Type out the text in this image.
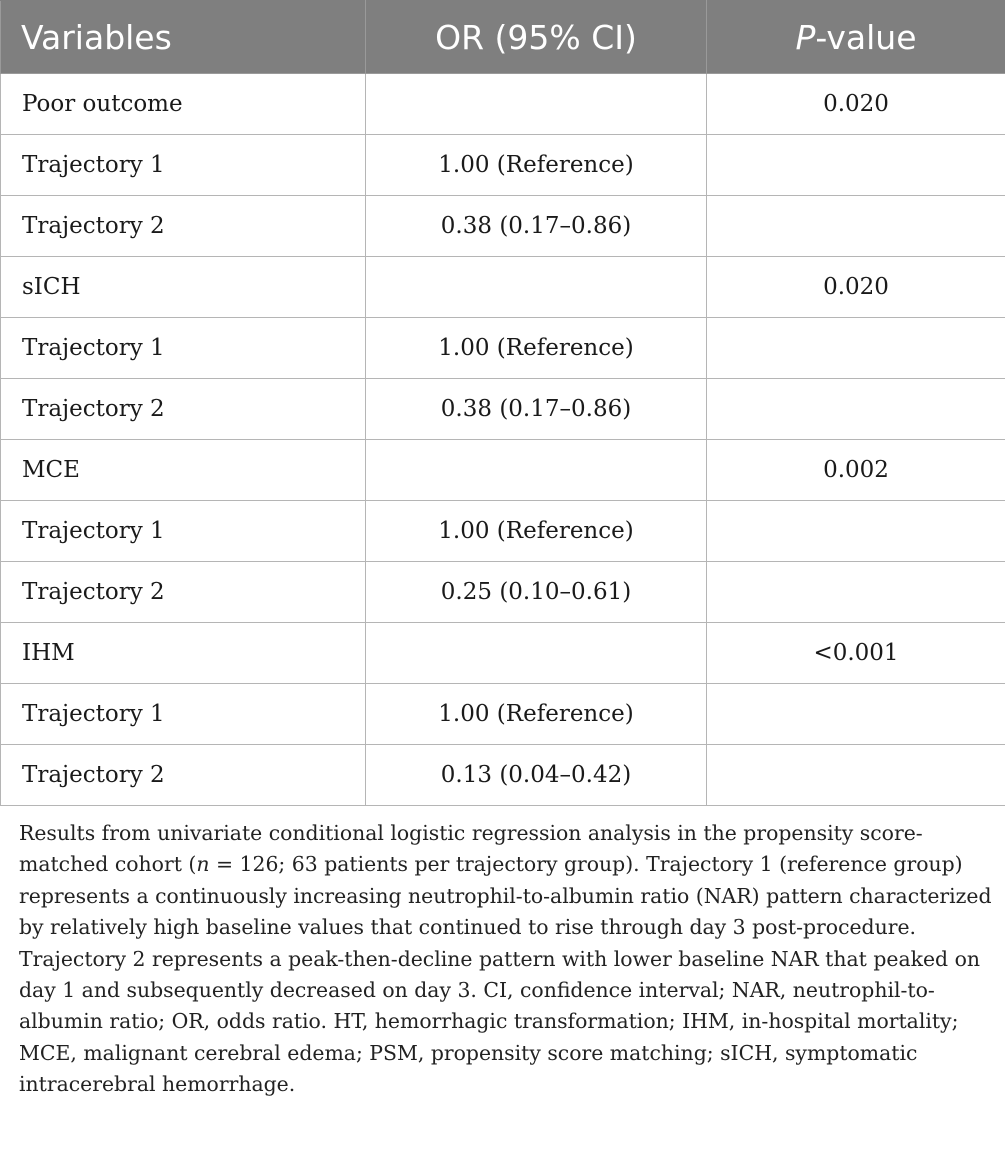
Variables	OR (95% CI)	P-value
Poor outcome		0.020
Trajectory 1	1.00 (Reference)	
Trajectory 2	0.38 (0.17–0.86)	
sICH		0.020
Trajectory 1	1.00 (Reference)	
Trajectory 2	0.38 (0.17–0.86)	
MCE		0.002
Trajectory 1	1.00 (Reference)	
Trajectory 2	0.25 (0.10–0.61)	
IHM		<0.001
Trajectory 1	1.00 (Reference)	
Trajectory 2	0.13 (0.04–0.42)	

Results from univariate conditional logistic regression analysis in the propensity score-matched cohort (n = 126; 63 patients per trajectory group). Trajectory 1 (reference group) represents a continuously increasing neutrophil-to-albumin ratio (NAR) pattern characterized by relatively high baseline values that continued to rise through day 3 post-procedure. Trajectory 2 represents a peak-then-decline pattern with lower baseline NAR that peaked on day 1 and subsequently decreased on day 3. CI, confidence interval; NAR, neutrophil-to-albumin ratio; OR, odds ratio. HT, hemorrhagic transformation; IHM, in-hospital mortality; MCE, malignant cerebral edema; PSM, propensity score matching; sICH, symptomatic intracerebral hemorrhage.
